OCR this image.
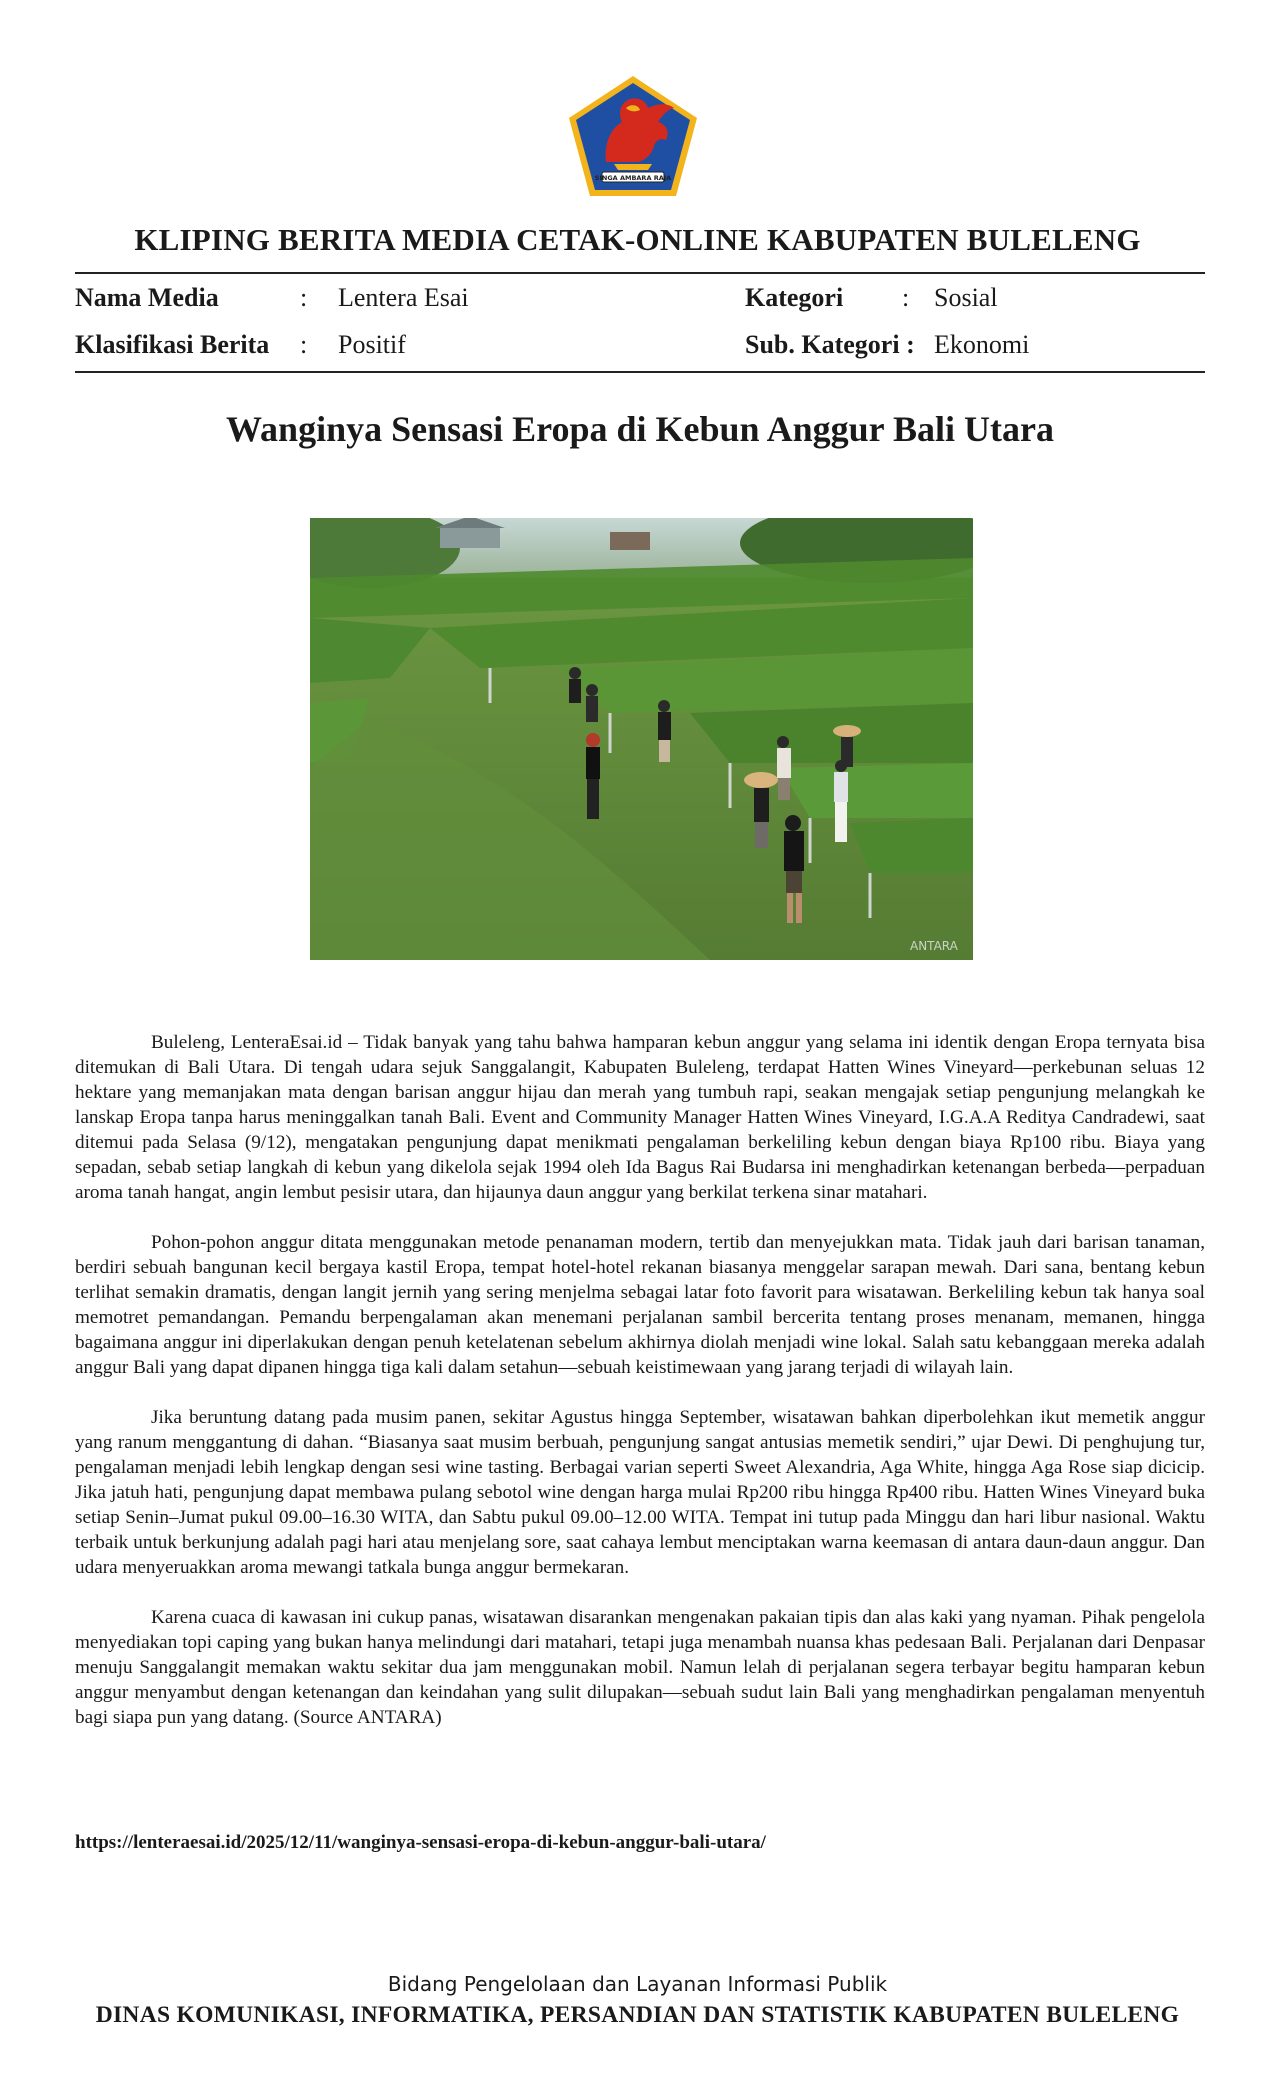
SINGA AMBARA RAJA
KLIPING BERITA MEDIA CETAK-ONLINE KABUPATEN BULELENG
Nama Media	: Lentera Esai	Kategori : Sosial
Klasifikasi Berita : Positif	Sub. Kategori : Ekonomi
Wanginya Sensasi Eropa di Kebun Anggur Bali Utara
ANTARA

Buleleng, LenteraEsai.id – Tidak banyak yang tahu bahwa hamparan kebun anggur yang selama ini identik dengan Eropa ternyata bisa ditemukan di Bali Utara. Di tengah udara sejuk Sanggalangit, Kabupaten Buleleng, terdapat Hatten Wines Vineyard—perkebunan seluas 12 hektare yang memanjakan mata dengan barisan anggur hijau dan merah yang tumbuh rapi, seakan mengajak setiap pengunjung melangkah ke lanskap Eropa tanpa harus meninggalkan tanah Bali. Event and Community Manager Hatten Wines Vineyard, I.G.A.A Reditya Candradewi, saat ditemui pada Selasa (9/12), mengatakan pengunjung dapat menikmati pengalaman berkeliling kebun dengan biaya Rp100 ribu. Biaya yang sepadan, sebab setiap langkah di kebun yang dikelola sejak 1994 oleh Ida Bagus Rai Budarsa ini menghadirkan ketenangan berbeda—perpaduan aroma tanah hangat, angin lembut pesisir utara, dan hijaunya daun anggur yang berkilat terkena sinar matahari.

Pohon-pohon anggur ditata menggunakan metode penanaman modern, tertib dan menyejukkan mata. Tidak jauh dari barisan tanaman, berdiri sebuah bangunan kecil bergaya kastil Eropa, tempat hotel-hotel rekanan biasanya menggelar sarapan mewah. Dari sana, bentang kebun terlihat semakin dramatis, dengan langit jernih yang sering menjelma sebagai latar foto favorit para wisatawan. Berkeliling kebun tak hanya soal memotret pemandangan. Pemandu berpengalaman akan menemani perjalanan sambil bercerita tentang proses menanam, memanen, hingga bagaimana anggur ini diperlakukan dengan penuh ketelatenan sebelum akhirnya diolah menjadi wine lokal. Salah satu kebanggaan mereka adalah anggur Bali yang dapat dipanen hingga tiga kali dalam setahun—sebuah keistimewaan yang jarang terjadi di wilayah lain.

Jika beruntung datang pada musim panen, sekitar Agustus hingga September, wisatawan bahkan diperbolehkan ikut memetik anggur yang ranum menggantung di dahan. “Biasanya saat musim berbuah, pengunjung sangat antusias memetik sendiri,” ujar Dewi. Di penghujung tur, pengalaman menjadi lebih lengkap dengan sesi wine tasting. Berbagai varian seperti Sweet Alexandria, Aga White, hingga Aga Rose siap dicicip. Jika jatuh hati, pengunjung dapat membawa pulang sebotol wine dengan harga mulai Rp200 ribu hingga Rp400 ribu. Hatten Wines Vineyard buka setiap Senin–Jumat pukul 09.00–16.30 WITA, dan Sabtu pukul 09.00–12.00 WITA. Tempat ini tutup pada Minggu dan hari libur nasional. Waktu terbaik untuk berkunjung adalah pagi hari atau menjelang sore, saat cahaya lembut menciptakan warna keemasan di antara daun-daun anggur. Dan udara menyeruakkan aroma mewangi tatkala bunga anggur bermekaran.

Karena cuaca di kawasan ini cukup panas, wisatawan disarankan mengenakan pakaian tipis dan alas kaki yang nyaman. Pihak pengelola menyediakan topi caping yang bukan hanya melindungi dari matahari, tetapi juga menambah nuansa khas pedesaan Bali. Perjalanan dari Denpasar menuju Sanggalangit memakan waktu sekitar dua jam menggunakan mobil. Namun lelah di perjalanan segera terbayar begitu hamparan kebun anggur menyambut dengan ketenangan dan keindahan yang sulit dilupakan—sebuah sudut lain Bali yang menghadirkan pengalaman menyentuh bagi siapa pun yang datang. (Source ANTARA)

https://lenteraesai.id/2025/12/11/wanginya-sensasi-eropa-di-kebun-anggur-bali-utara/
Bidang Pengelolaan dan Layanan Informasi Publik
DINAS KOMUNIKASI, INFORMATIKA, PERSANDIAN DAN STATISTIK KABUPATEN BULELENG
